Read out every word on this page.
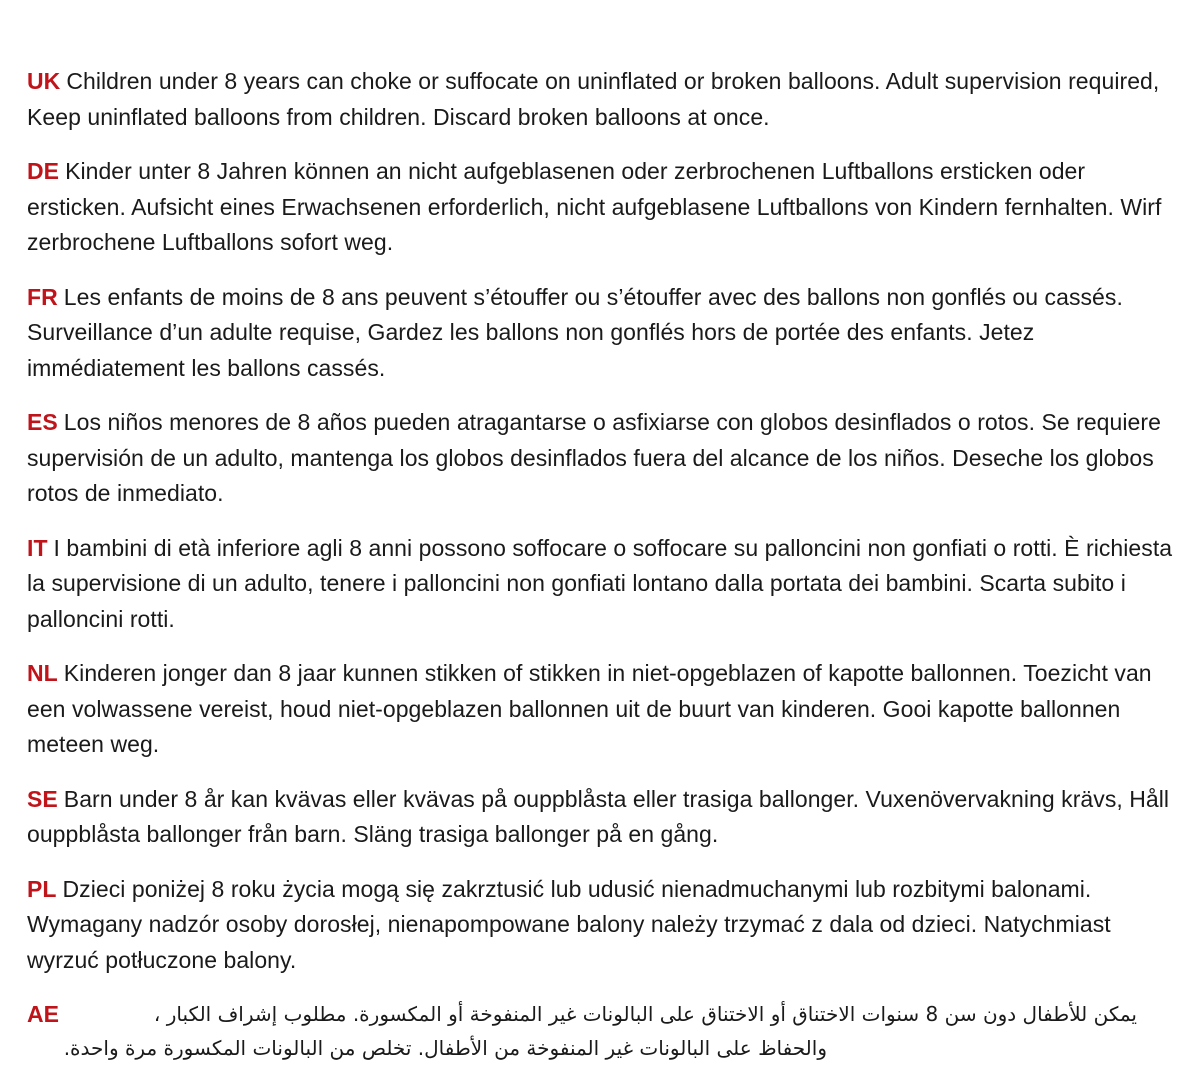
UK Children under 8 years can choke or suffocate on uninflated or broken balloons. Adult supervision required, Keep uninflated balloons from children. Discard broken balloons at once.

DE Kinder unter 8 Jahren können an nicht aufgeblasenen oder zerbrochenen Luftballons ersticken oder ersticken. Aufsicht eines Erwachsenen erforderlich, nicht aufgeblasene Luftballons von Kindern fernhalten. Wirf zerbrochene Luftballons sofort weg.

FR Les enfants de moins de 8 ans peuvent s’étouffer ou s’étouffer avec des ballons non gonflés ou cassés. Surveillance d’un adulte requise, Gardez les ballons non gonflés hors de portée des enfants. Jetez immédiatement les ballons cassés.

ES Los niños menores de 8 años pueden atragantarse o asfixiarse con globos desinflados o rotos. Se requiere supervisión de un adulto, mantenga los globos desinflados fuera del alcance de los niños. Deseche los globos rotos de inmediato.

IT I bambini di età inferiore agli 8 anni possono soffocare o soffocare su palloncini non gonfiati o rotti. È richiesta la supervisione di un adulto, tenere i palloncini non gonfiati lontano dalla portata dei bambini. Scarta subito i palloncini rotti.

NL Kinderen jonger dan 8 jaar kunnen stikken of stikken in niet-opgeblazen of kapotte ballonnen. Toezicht van een volwassene vereist, houd niet-opgeblazen ballonnen uit de buurt van kinderen. Gooi kapotte ballonnen meteen weg.

SE Barn under 8 år kan kvävas eller kvävas på ouppblåsta eller trasiga ballonger. Vuxenövervakning krävs, Håll ouppblåsta ballonger från barn. Släng trasiga ballonger på en gång.

PL Dzieci poniżej 8 roku życia mogą się zakrztusić lub udusić nienadmuchanymi lub rozbitymi balonami. Wymagany nadzór osoby dorosłej, nienapompowane balony należy trzymać z dala od dzieci. Natychmiast wyrzuć potłuczone balony.

AE	يمكن للأطفال دون سن 8 سنوات الاختناق أو الاختناق على البالونات غير المنفوخة أو المكسورة. مطلوب إشراف الكبار ،
والحفاظ على البالونات غير المنفوخة من الأطفال. تخلص من البالونات المكسورة مرة واحدة.
